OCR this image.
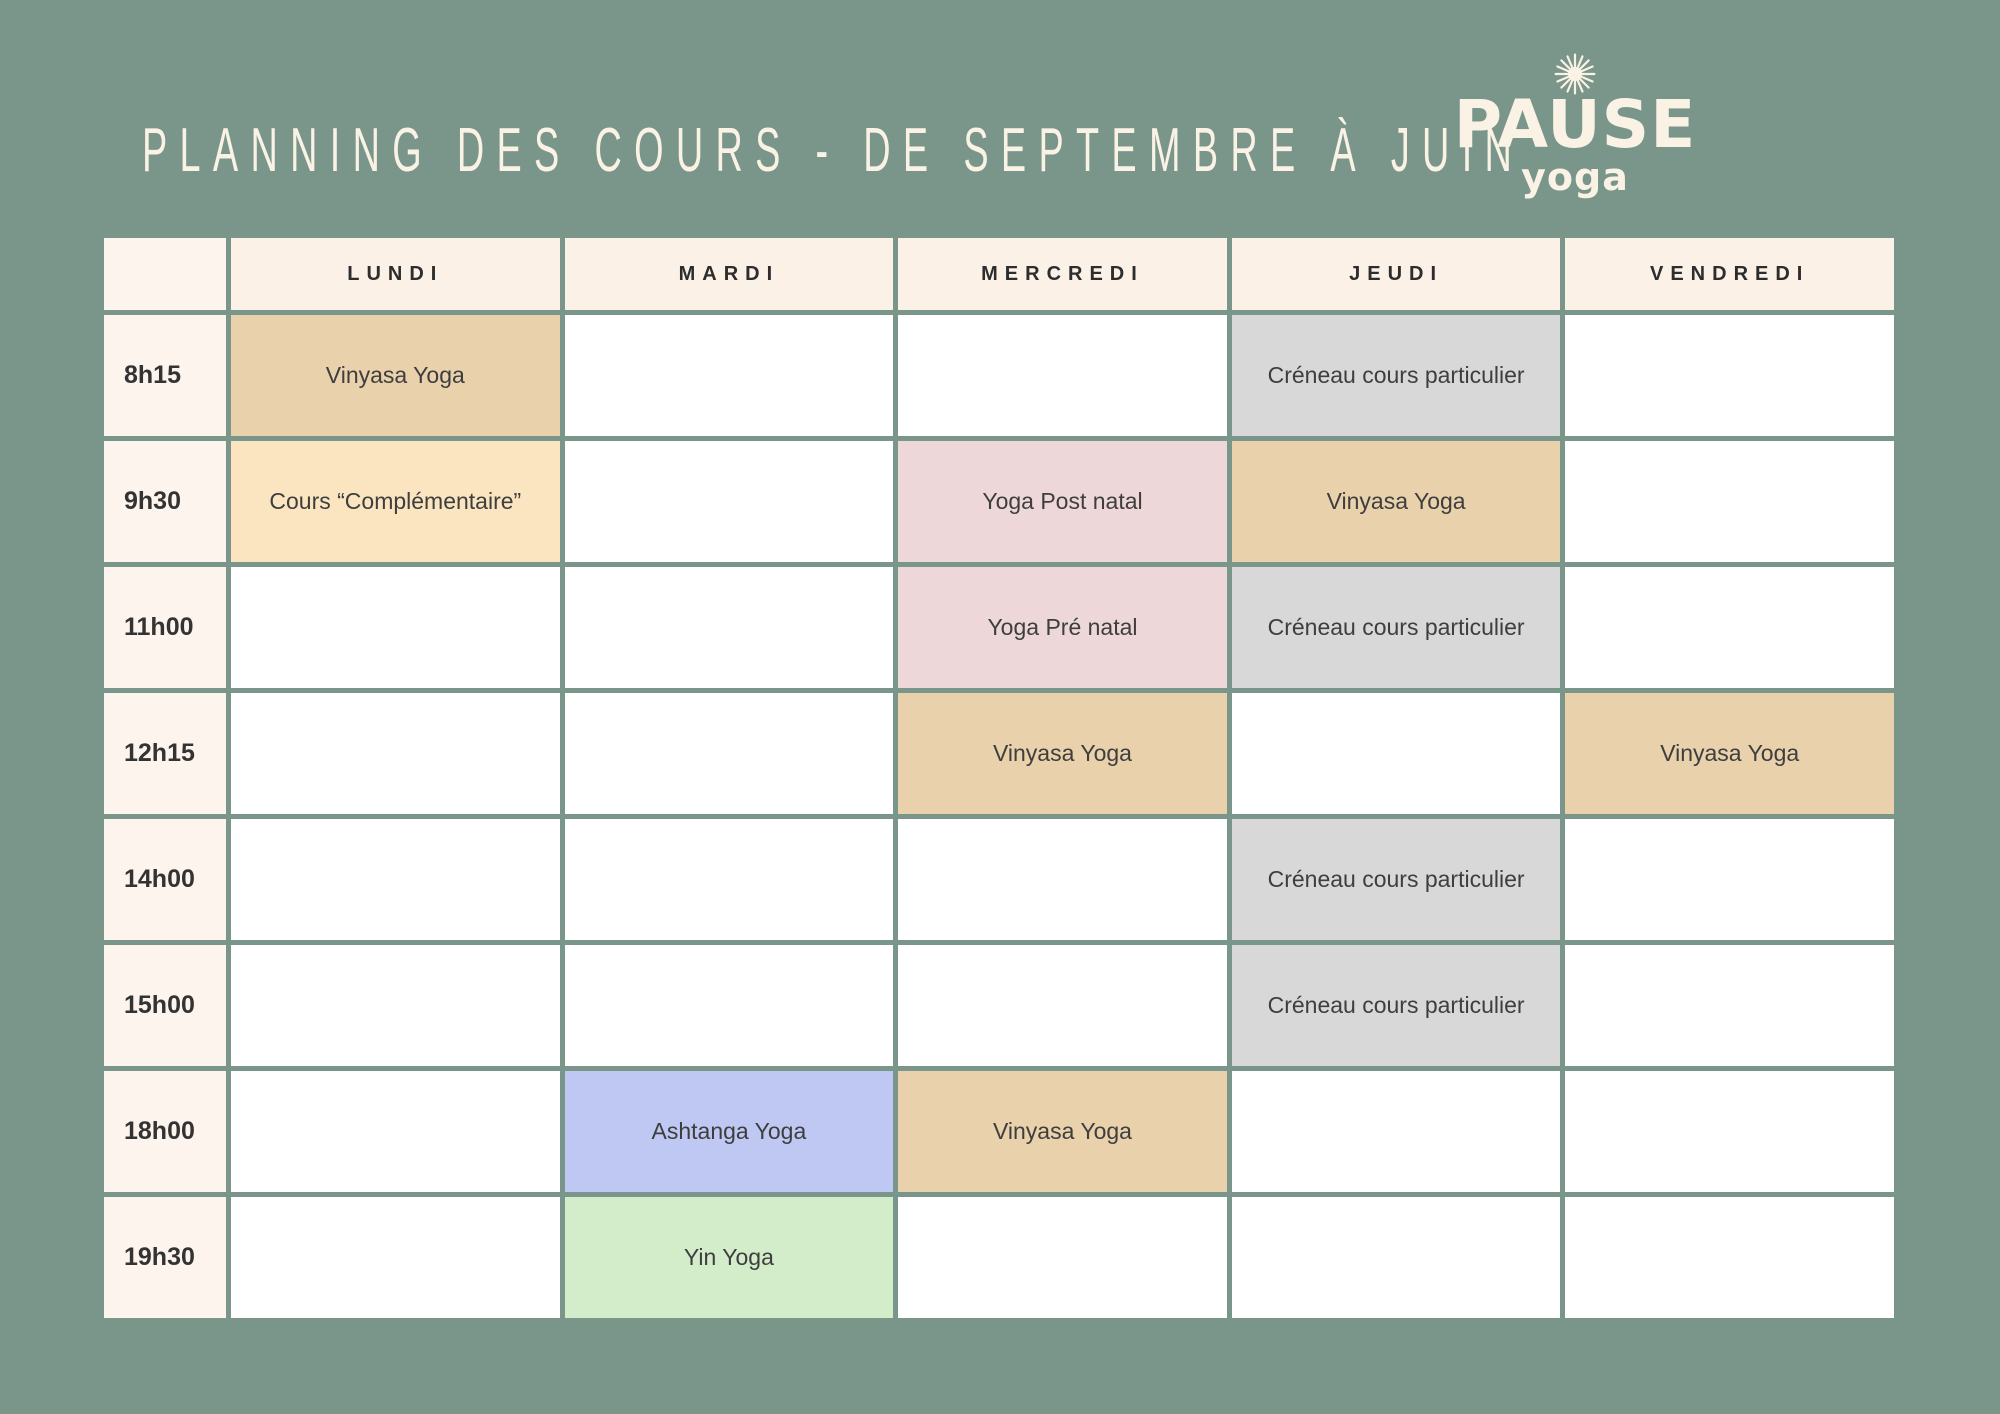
PLANNING DES COURS - DE SEPTEMBRE À JUIN
PAUSE
yoga
	LUNDI	MARDI	MERCREDI	JEUDI	VENDREDI
8h15	Vinyasa Yoga			Créneau cours particulier	
9h30	Cours “Complémentaire”		Yoga Post natal	Vinyasa Yoga	
11h00			Yoga Pré natal	Créneau cours particulier	
12h15			Vinyasa Yoga		Vinyasa Yoga
14h00				Créneau cours particulier	
15h00				Créneau cours particulier	
18h00		Ashtanga Yoga	Vinyasa Yoga		
19h30		Yin Yoga			
